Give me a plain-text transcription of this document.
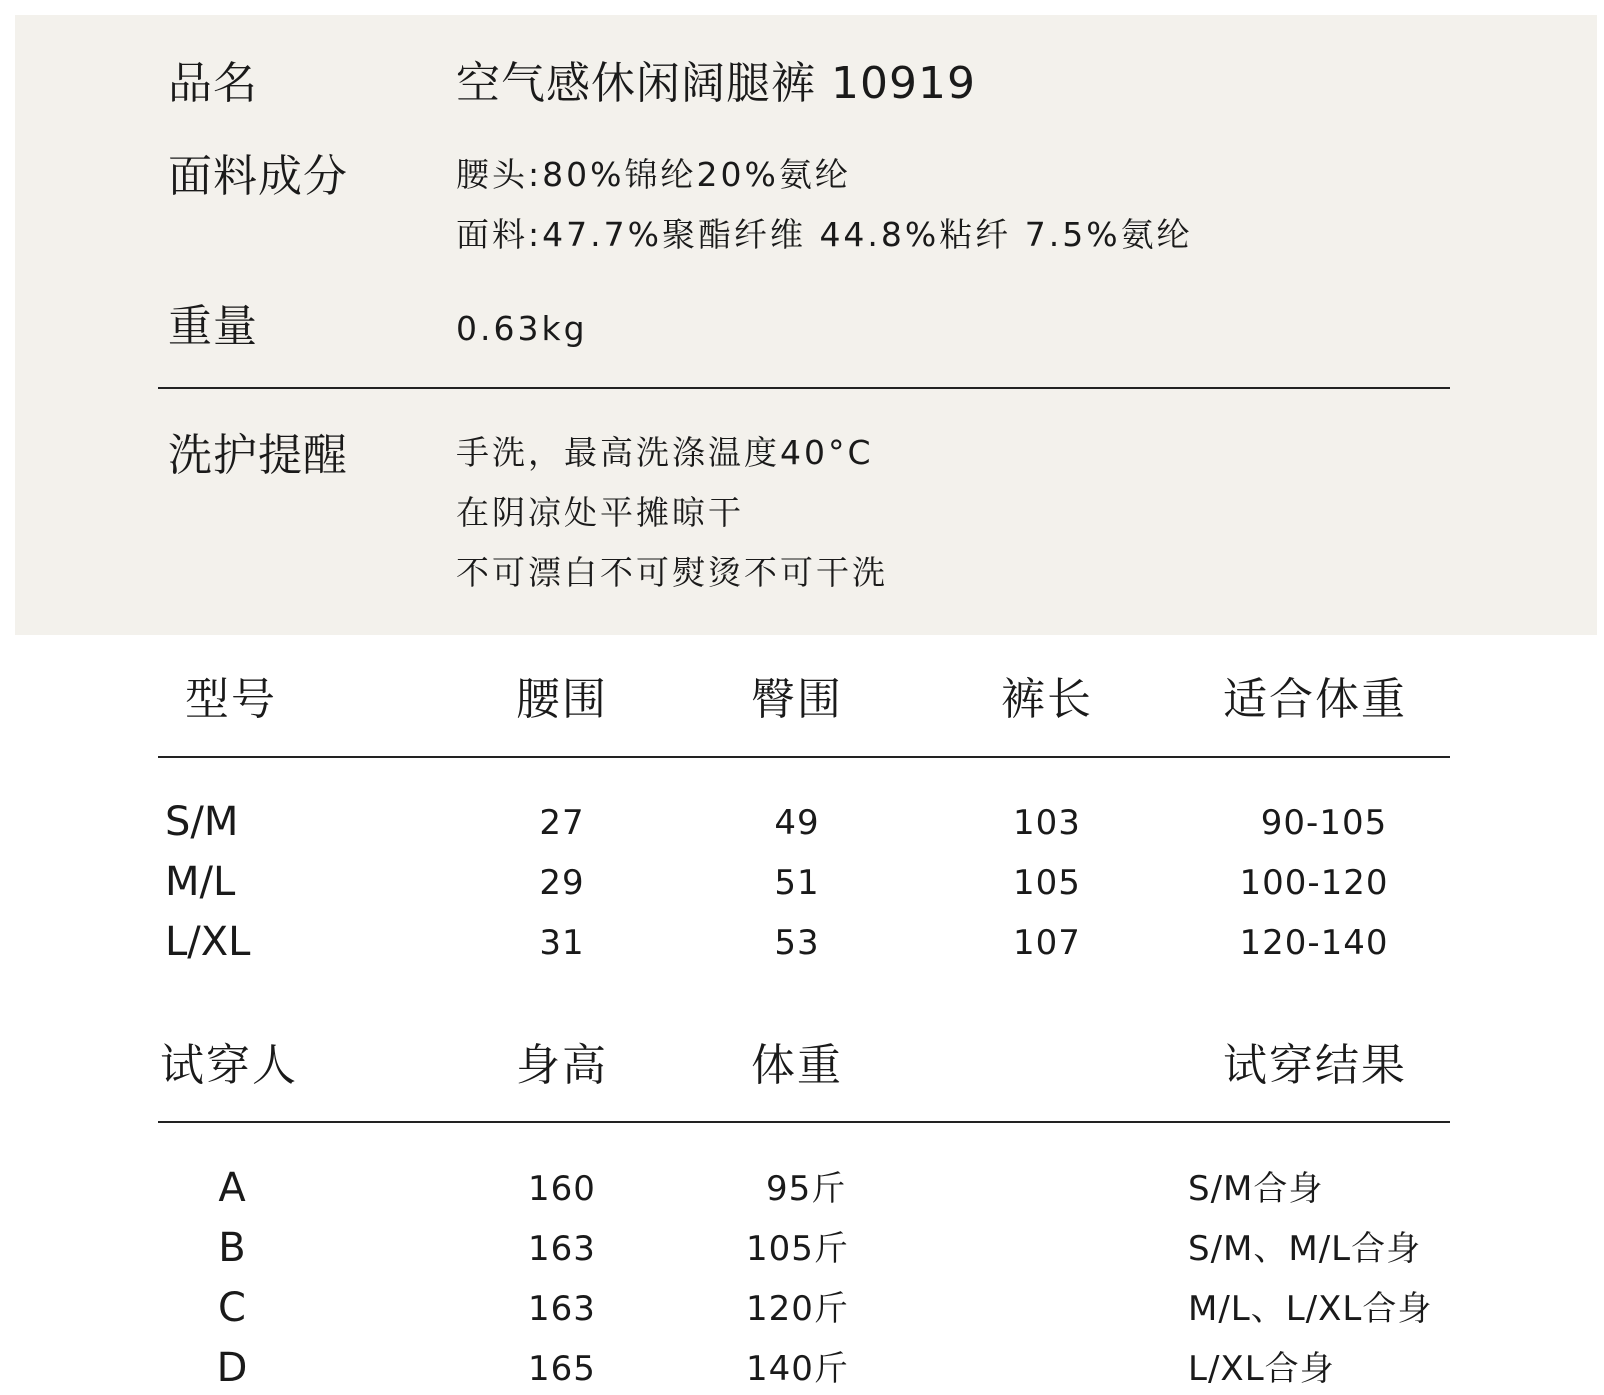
品名	空气感休闲阔腿裤 10919
面料成分	腰头:80%锦纶20%氨纶
面料:47.7%聚酯纤维 44.8%粘纤 7.5%氨纶
重量	0.63kg
洗护提醒	手洗，最高洗涤温度40°C
在阴凉处平摊晾干
不可漂白不可熨烫不可干洗
型号	腰围	臀围	裤长	适合体重
S/M	27	49	103	90-105
M/L	29	51	105	100-120
L/XL	31	53	107	120-140
试穿人	身高	体重	试穿结果
A	160	95斤	S/M合身
B	163	105斤	S/M、M/L合身
C	163	120斤	M/L、L/XL合身
D	165	140斤	L/XL合身
